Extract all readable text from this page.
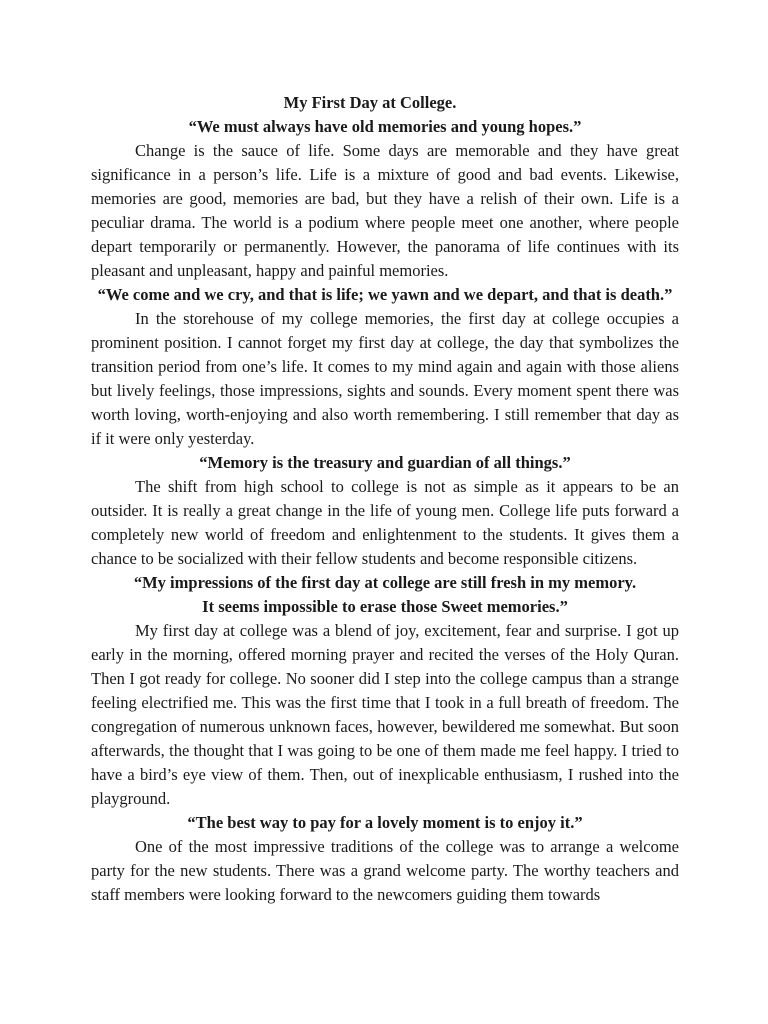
My First Day at College.

“We must always have old memories and young hopes.”

Change is the sauce of life. Some days are memorable and they have great significance in a person’s life. Life is a mixture of good and bad events. Likewise, memories are good, memories are bad, but they have a relish of their own. Life is a peculiar drama. The world is a podium where people meet one another, where people depart temporarily or permanently. However, the panorama of life continues with its pleasant and unpleasant, happy and painful memories.

“We come and we cry, and that is life; we yawn and we depart, and that is death.”

In the storehouse of my college memories, the first day at college occupies a prominent position. I cannot forget my first day at college, the day that symbolizes the transition period from one’s life. It comes to my mind again and again with those aliens but lively feelings, those impressions, sights and sounds. Every moment spent there was worth loving, worth-enjoying and also worth remembering. I still remember that day as if it were only yesterday.

“Memory is the treasury and guardian of all things.”

The shift from high school to college is not as simple as it appears to be an outsider. It is really a great change in the life of young men. College life puts forward a completely new world of freedom and enlightenment to the students. It gives them a chance to be socialized with their fellow students and become responsible citizens.

“My impressions of the first day at college are still fresh in my memory.
It seems impossible to erase those Sweet memories.”

My first day at college was a blend of joy, excitement, fear and surprise. I got up early in the morning, offered morning prayer and recited the verses of the Holy Quran. Then I got ready for college. No sooner did I step into the college campus than a strange feeling electrified me. This was the first time that I took in a full breath of freedom. The congregation of numerous unknown faces, however, bewildered me somewhat. But soon afterwards, the thought that I was going to be one of them made me feel happy. I tried to have a bird’s eye view of them. Then, out of inexplicable enthusiasm, I rushed into the playground.

“The best way to pay for a lovely moment is to enjoy it.”

One of the most impressive traditions of the college was to arrange a welcome party for the new students. There was a grand welcome party. The worthy teachers and staff members were looking forward to the newcomers guiding them towards
